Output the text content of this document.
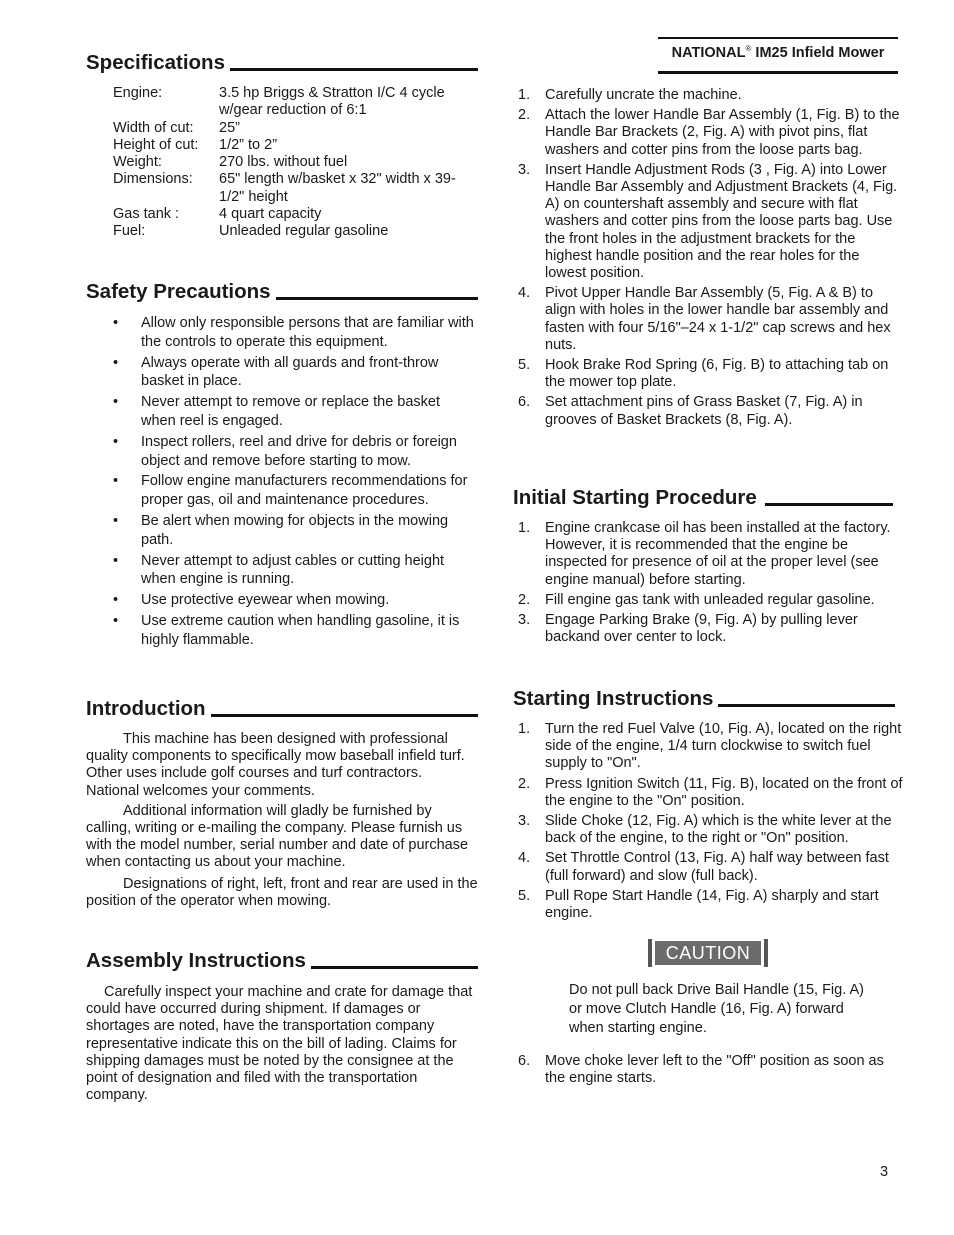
NATIONAL® IM25 Infield Mower
Specifications
Engine:	3.5 hp Briggs & Stratton I/C 4 cycle w/gear reduction of 6:1
Width of cut:	25”
Height of cut:	1/2” to 2”
Weight:	270 lbs. without fuel
Dimensions:	65" length w/basket x 32" width x 39-1/2" height
Gas tank :	4 quart capacity
Fuel:	Unleaded regular gasoline
Safety Precautions
• Allow only responsible persons that are familiar with the controls to operate this equipment.
• Always operate with all guards and front-throw basket in place.
• Never attempt to remove or replace the basket when reel is engaged.
• Inspect rollers, reel and drive for debris or foreign object and remove before starting to mow.
• Follow engine manufacturers recommendations for proper gas, oil and maintenance procedures.
• Be alert when mowing for objects in the mowing path.
• Never attempt to adjust cables or cutting height when engine is running.
• Use protective eyewear when mowing.
• Use extreme caution when handling gasoline, it is highly flammable.
Introduction

This machine has been designed with professional quality components to specifically mow baseball infield turf. Other uses include golf courses and turf contractors. National welcomes your comments.

Additional information will gladly be furnished by calling, writing or e-mailing the company. Please furnish us with the model number, serial number and date of purchase when contacting us about your machine.

Designations of right, left, front and rear are used in the position of the operator when mowing.

Assembly Instructions

Carefully inspect your machine and crate for damage that could have occurred during shipment. If damages or shortages are noted, have the transportation company representative indicate this on the bill of lading. Claims for shipping damages must be noted by the consignee at the point of designation and filed with the transportation company.

1. Carefully uncrate the machine.
2. Attach the lower Handle Bar Assembly (1, Fig. B) to the Handle Bar Brackets (2, Fig. A) with pivot pins, flat washers and cotter pins from the loose parts bag.
3. Insert Handle Adjustment Rods (3 , Fig. A) into Lower Handle Bar Assembly and Adjustment Brackets (4, Fig. A) on countershaft assembly and secure with flat washers and cotter pins from the loose parts bag. Use the front holes in the adjustment brackets for the highest handle position and the rear holes for the lowest position.
4. Pivot Upper Handle Bar Assembly (5, Fig. A & B) to align with holes in the lower handle bar assembly and fasten with four 5/16"–24 x 1-1/2" cap screws and hex nuts.
5. Hook Brake Rod Spring (6, Fig. B) to attaching tab on the mower top plate.
6. Set attachment pins of Grass Basket (7, Fig. A) in grooves of Basket Brackets (8, Fig. A).
Initial Starting Procedure
1. Engine crankcase oil has been installed at the factory. However, it is recommended that the engine be inspected for presence of oil at the proper level (see engine manual) before starting.
2. Fill engine gas tank with unleaded regular gasoline.
3. Engage Parking Brake (9, Fig. A) by pulling lever backand over center to lock.
Starting Instructions
1. Turn the red Fuel Valve (10, Fig. A), located on the right side of the engine, 1/4 turn clockwise to switch fuel supply to "On".
2. Press Ignition Switch (11, Fig. B), located on the front of the engine to the "On" position.
3. Slide Choke (12, Fig. A) which is the white lever at the back of the engine, to the right or "On" position.
4. Set Throttle Control (13, Fig. A) half way between fast (full forward) and slow (full back).
5. Pull Rope Start Handle (14, Fig. A) sharply and start engine.
CAUTION
Do not pull back Drive Bail Handle (15, Fig. A) or move Clutch Handle (16, Fig. A) forward when starting engine.
6. Move choke lever left to the "Off" position as soon as the engine starts.
3
